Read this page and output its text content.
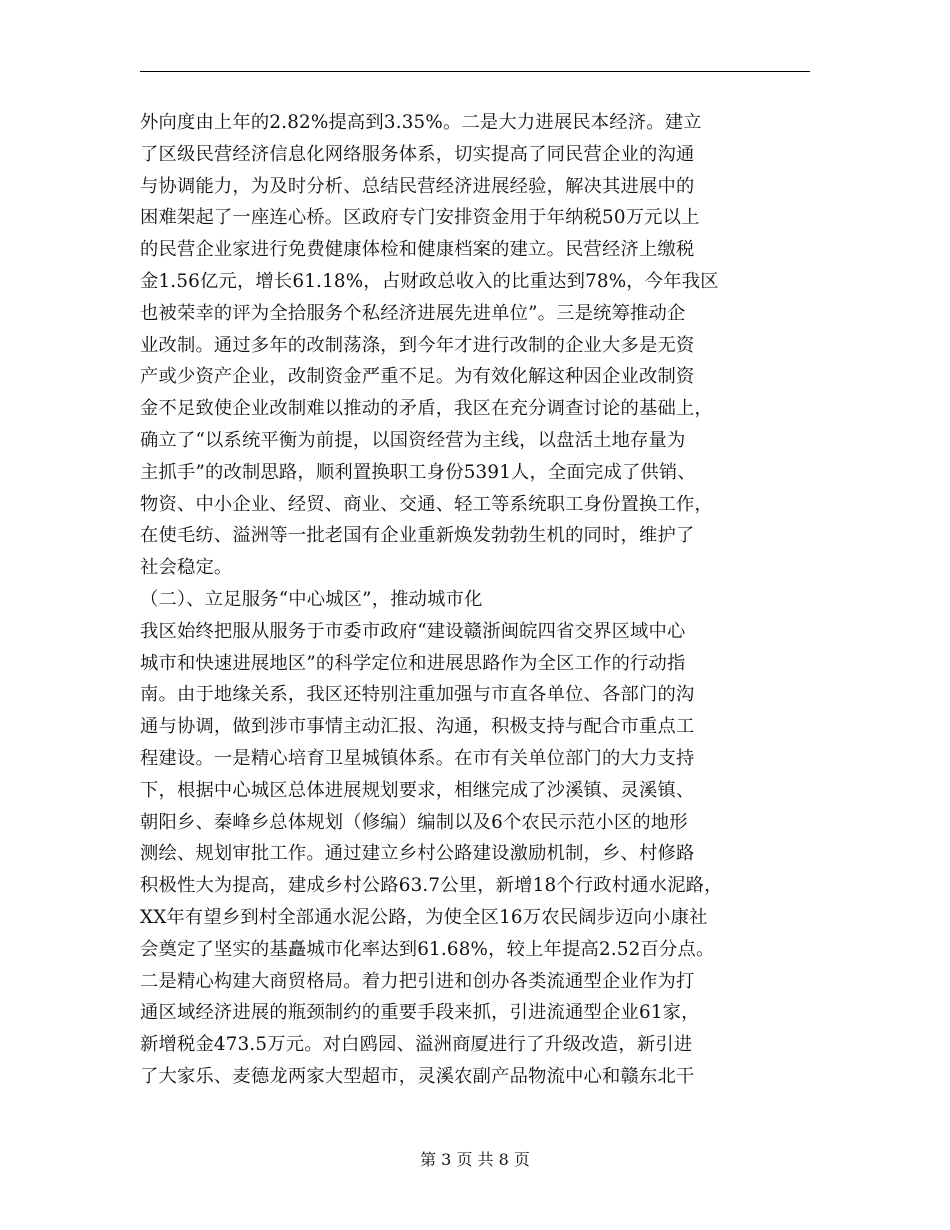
外向度由上年的2.82%提高到3.35%。二是大力进展民本经济。建立
了区级民营经济信息化网络服务体系，切实提高了同民营企业的沟通
与协调能力，为及时分析、总结民营经济进展经验，解决其进展中的
困难架起了一座连心桥。区政府专门安排资金用于年纳税50万元以上
的民营企业家进行免费健康体检和健康档案的建立。民营经济上缴税
金1.56亿元，增长61.18%，占财政总收入的比重达到78%，今年我区
也被荣幸的评为全拾服务个私经济进展先进单位”。三是统筹推动企
业改制。通过多年的改制荡涤，到今年才进行改制的企业大多是无资
产或少资产企业，改制资金严重不足。为有效化解这种因企业改制资
金不足致使企业改制难以推动的矛盾，我区在充分调查讨论的基础上，
确立了“以系统平衡为前提，以国资经营为主线，以盘活土地存量为
主抓手”的改制思路，顺利置换职工身份5391人，全面完成了供销、
物资、中小企业、经贸、商业、交通、轻工等系统职工身份置换工作，
在使毛纺、溢洲等一批老国有企业重新焕发勃勃生机的同时，维护了
社会稳定。
（二）、立足服务“中心城区”，推动城市化
我区始终把服从服务于市委市政府“建设赣浙闽皖四省交界区域中心
城市和快速进展地区”的科学定位和进展思路作为全区工作的行动指
南。由于地缘关系，我区还特别注重加强与市直各单位、各部门的沟
通与协调，做到涉市事情主动汇报、沟通，积极支持与配合市重点工
程建设。一是精心培育卫星城镇体系。在市有关单位部门的大力支持
下，根据中心城区总体进展规划要求，相继完成了沙溪镇、灵溪镇、
朝阳乡、秦峰乡总体规划（修编）编制以及6个农民示范小区的地形
测绘、规划审批工作。通过建立乡村公路建设激励机制，乡、村修路
积极性大为提高，建成乡村公路63.7公里，新增18个行政村通水泥路，
XX年有望乡到村全部通水泥公路，为使全区16万农民阔步迈向小康社
会奠定了坚实的基矗城市化率达到61.68%，较上年提高2.52百分点。
二是精心构建大商贸格局。着力把引进和创办各类流通型企业作为打
通区域经济进展的瓶颈制约的重要手段来抓，引进流通型企业61家，
新增税金473.5万元。对白鸥园、溢洲商厦进行了升级改造，新引进
了大家乐、麦德龙两家大型超市，灵溪农副产品物流中心和赣东北干
第 3 页 共 8 页
